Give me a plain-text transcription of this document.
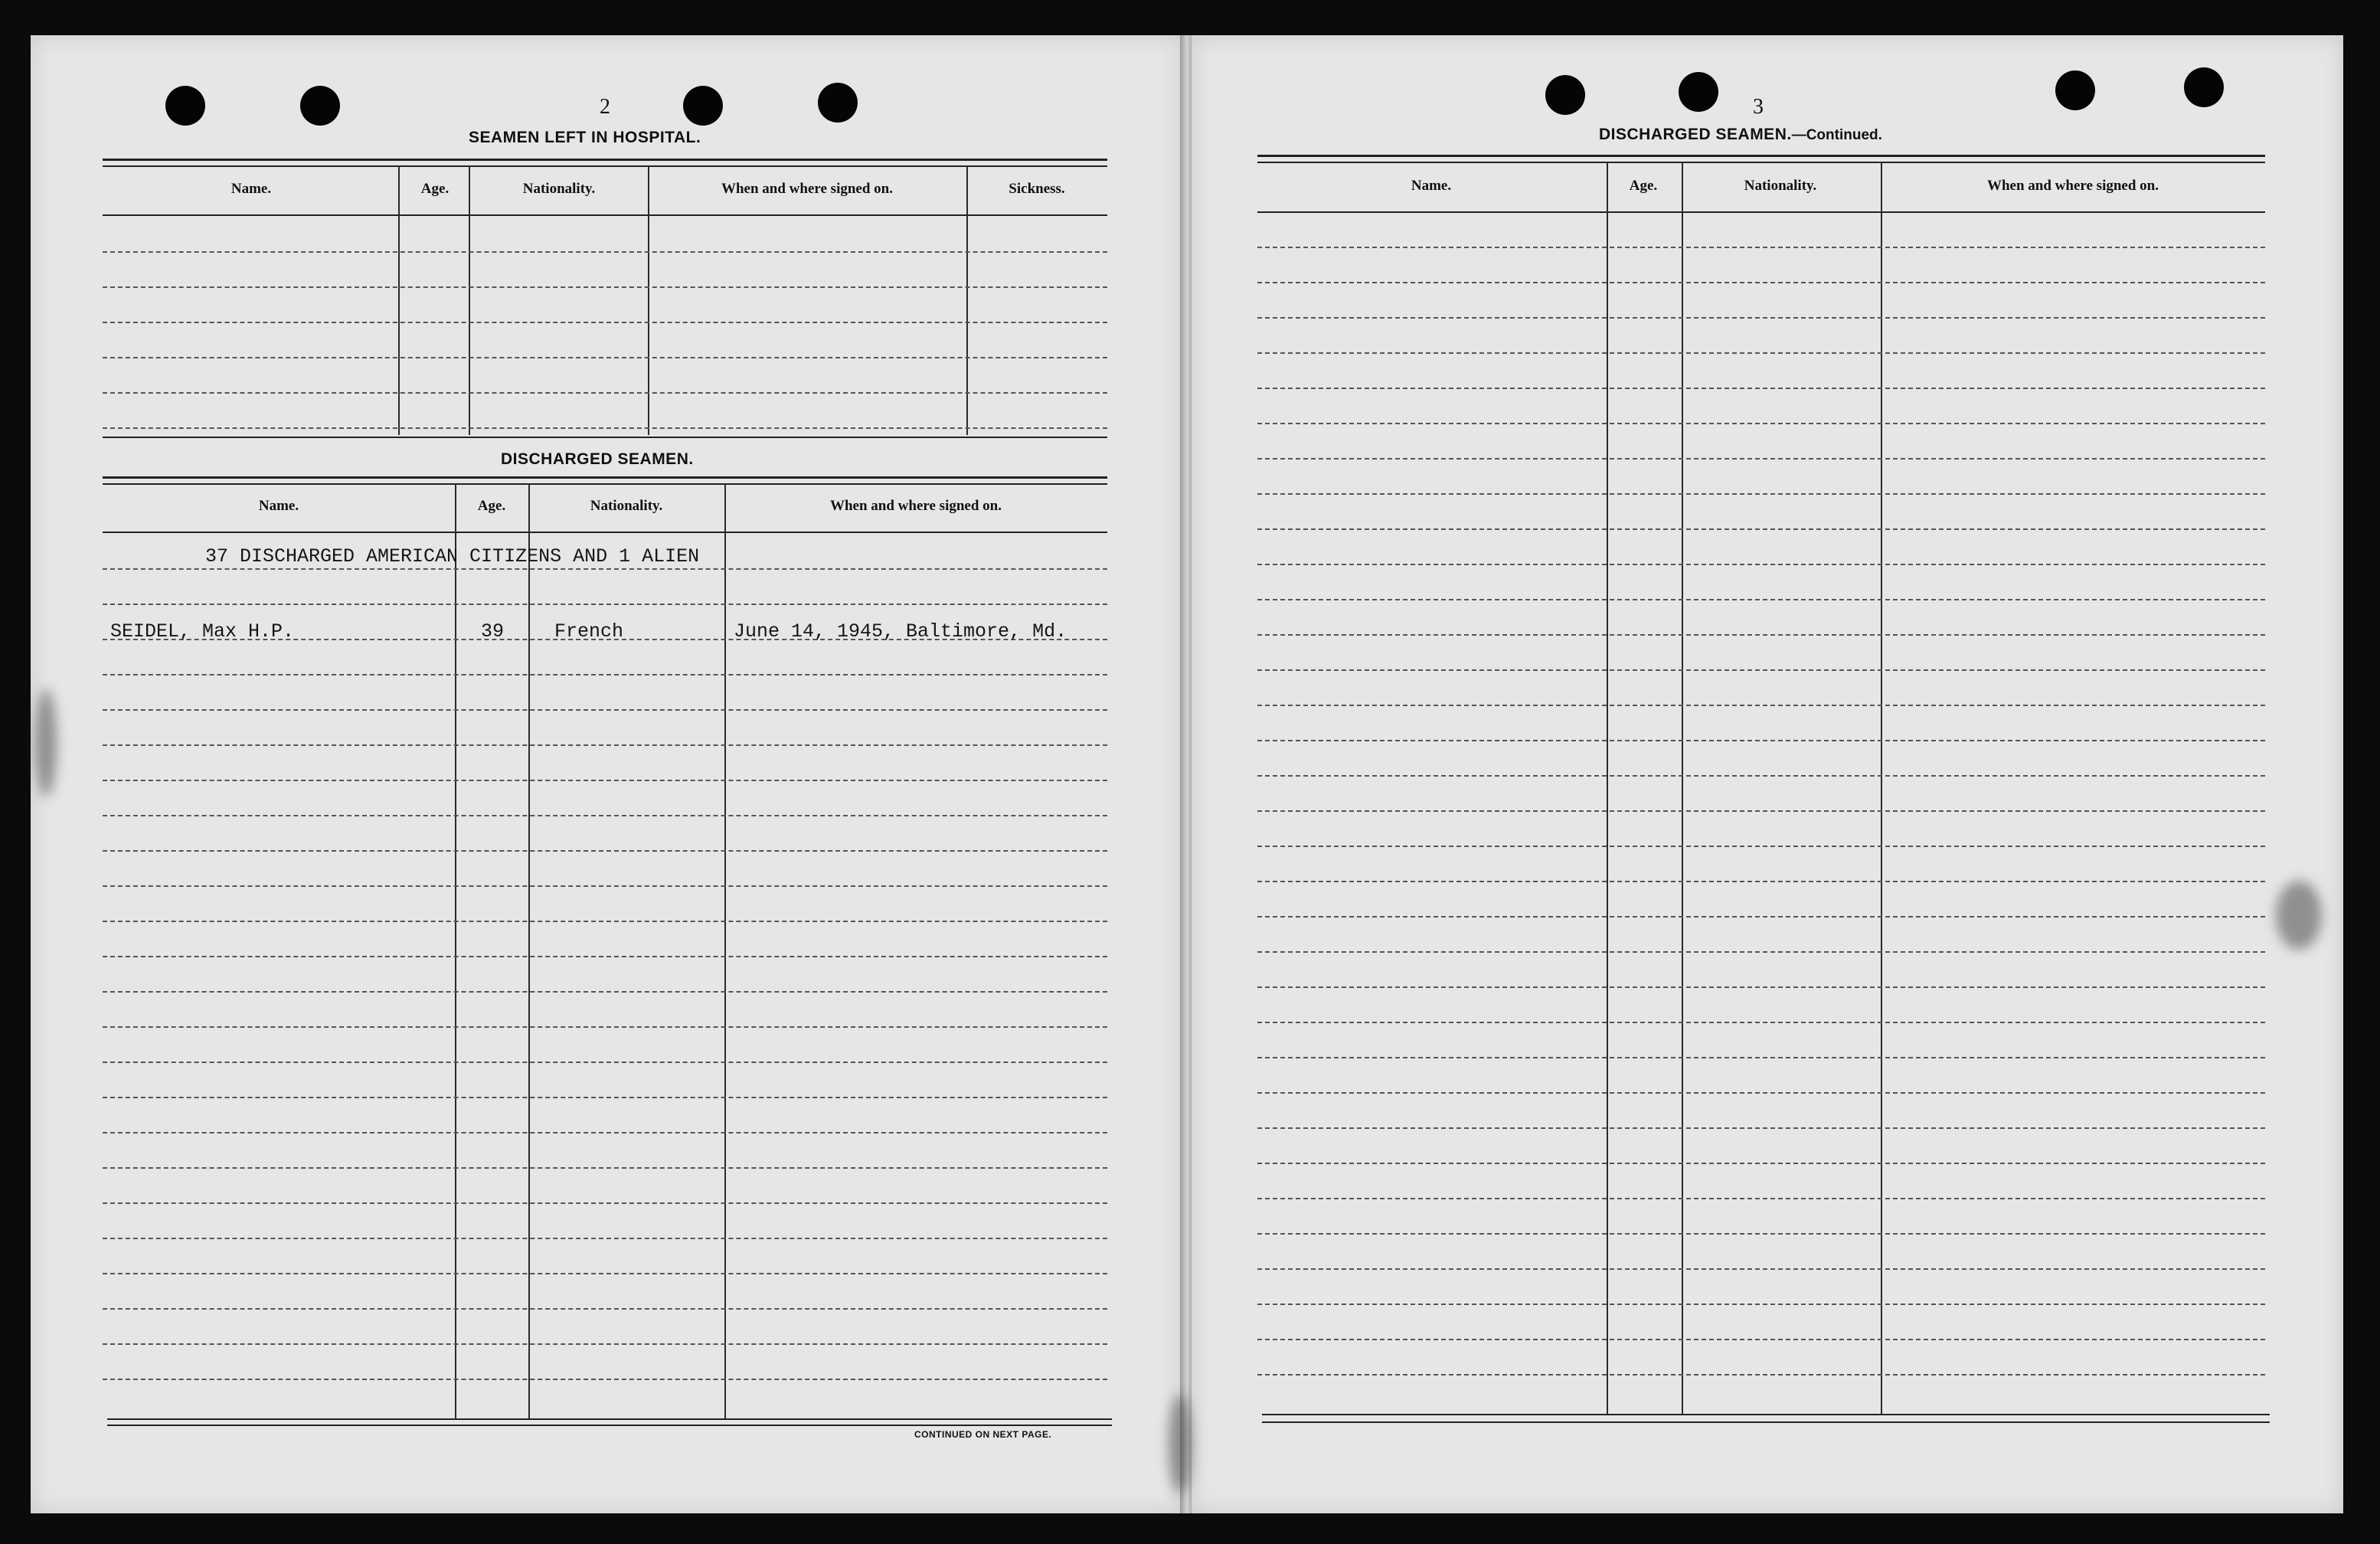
2
SEAMEN LEFT IN HOSPITAL.
Name.	Age.	Nationality.	When and where signed on.	Sickness.
DISCHARGED SEAMEN.
Name.	Age.	Nationality.	When and where signed on.
37 DISCHARGED AMERICAN CITIZENS AND 1 ALIEN
SEIDEL, Max H.P.	39	French	June 14, 1945, Baltimore, Md.
CONTINUED ON NEXT PAGE.
3
DISCHARGED SEAMEN.—Continued.
Name.	Age.	Nationality.	When and where signed on.
